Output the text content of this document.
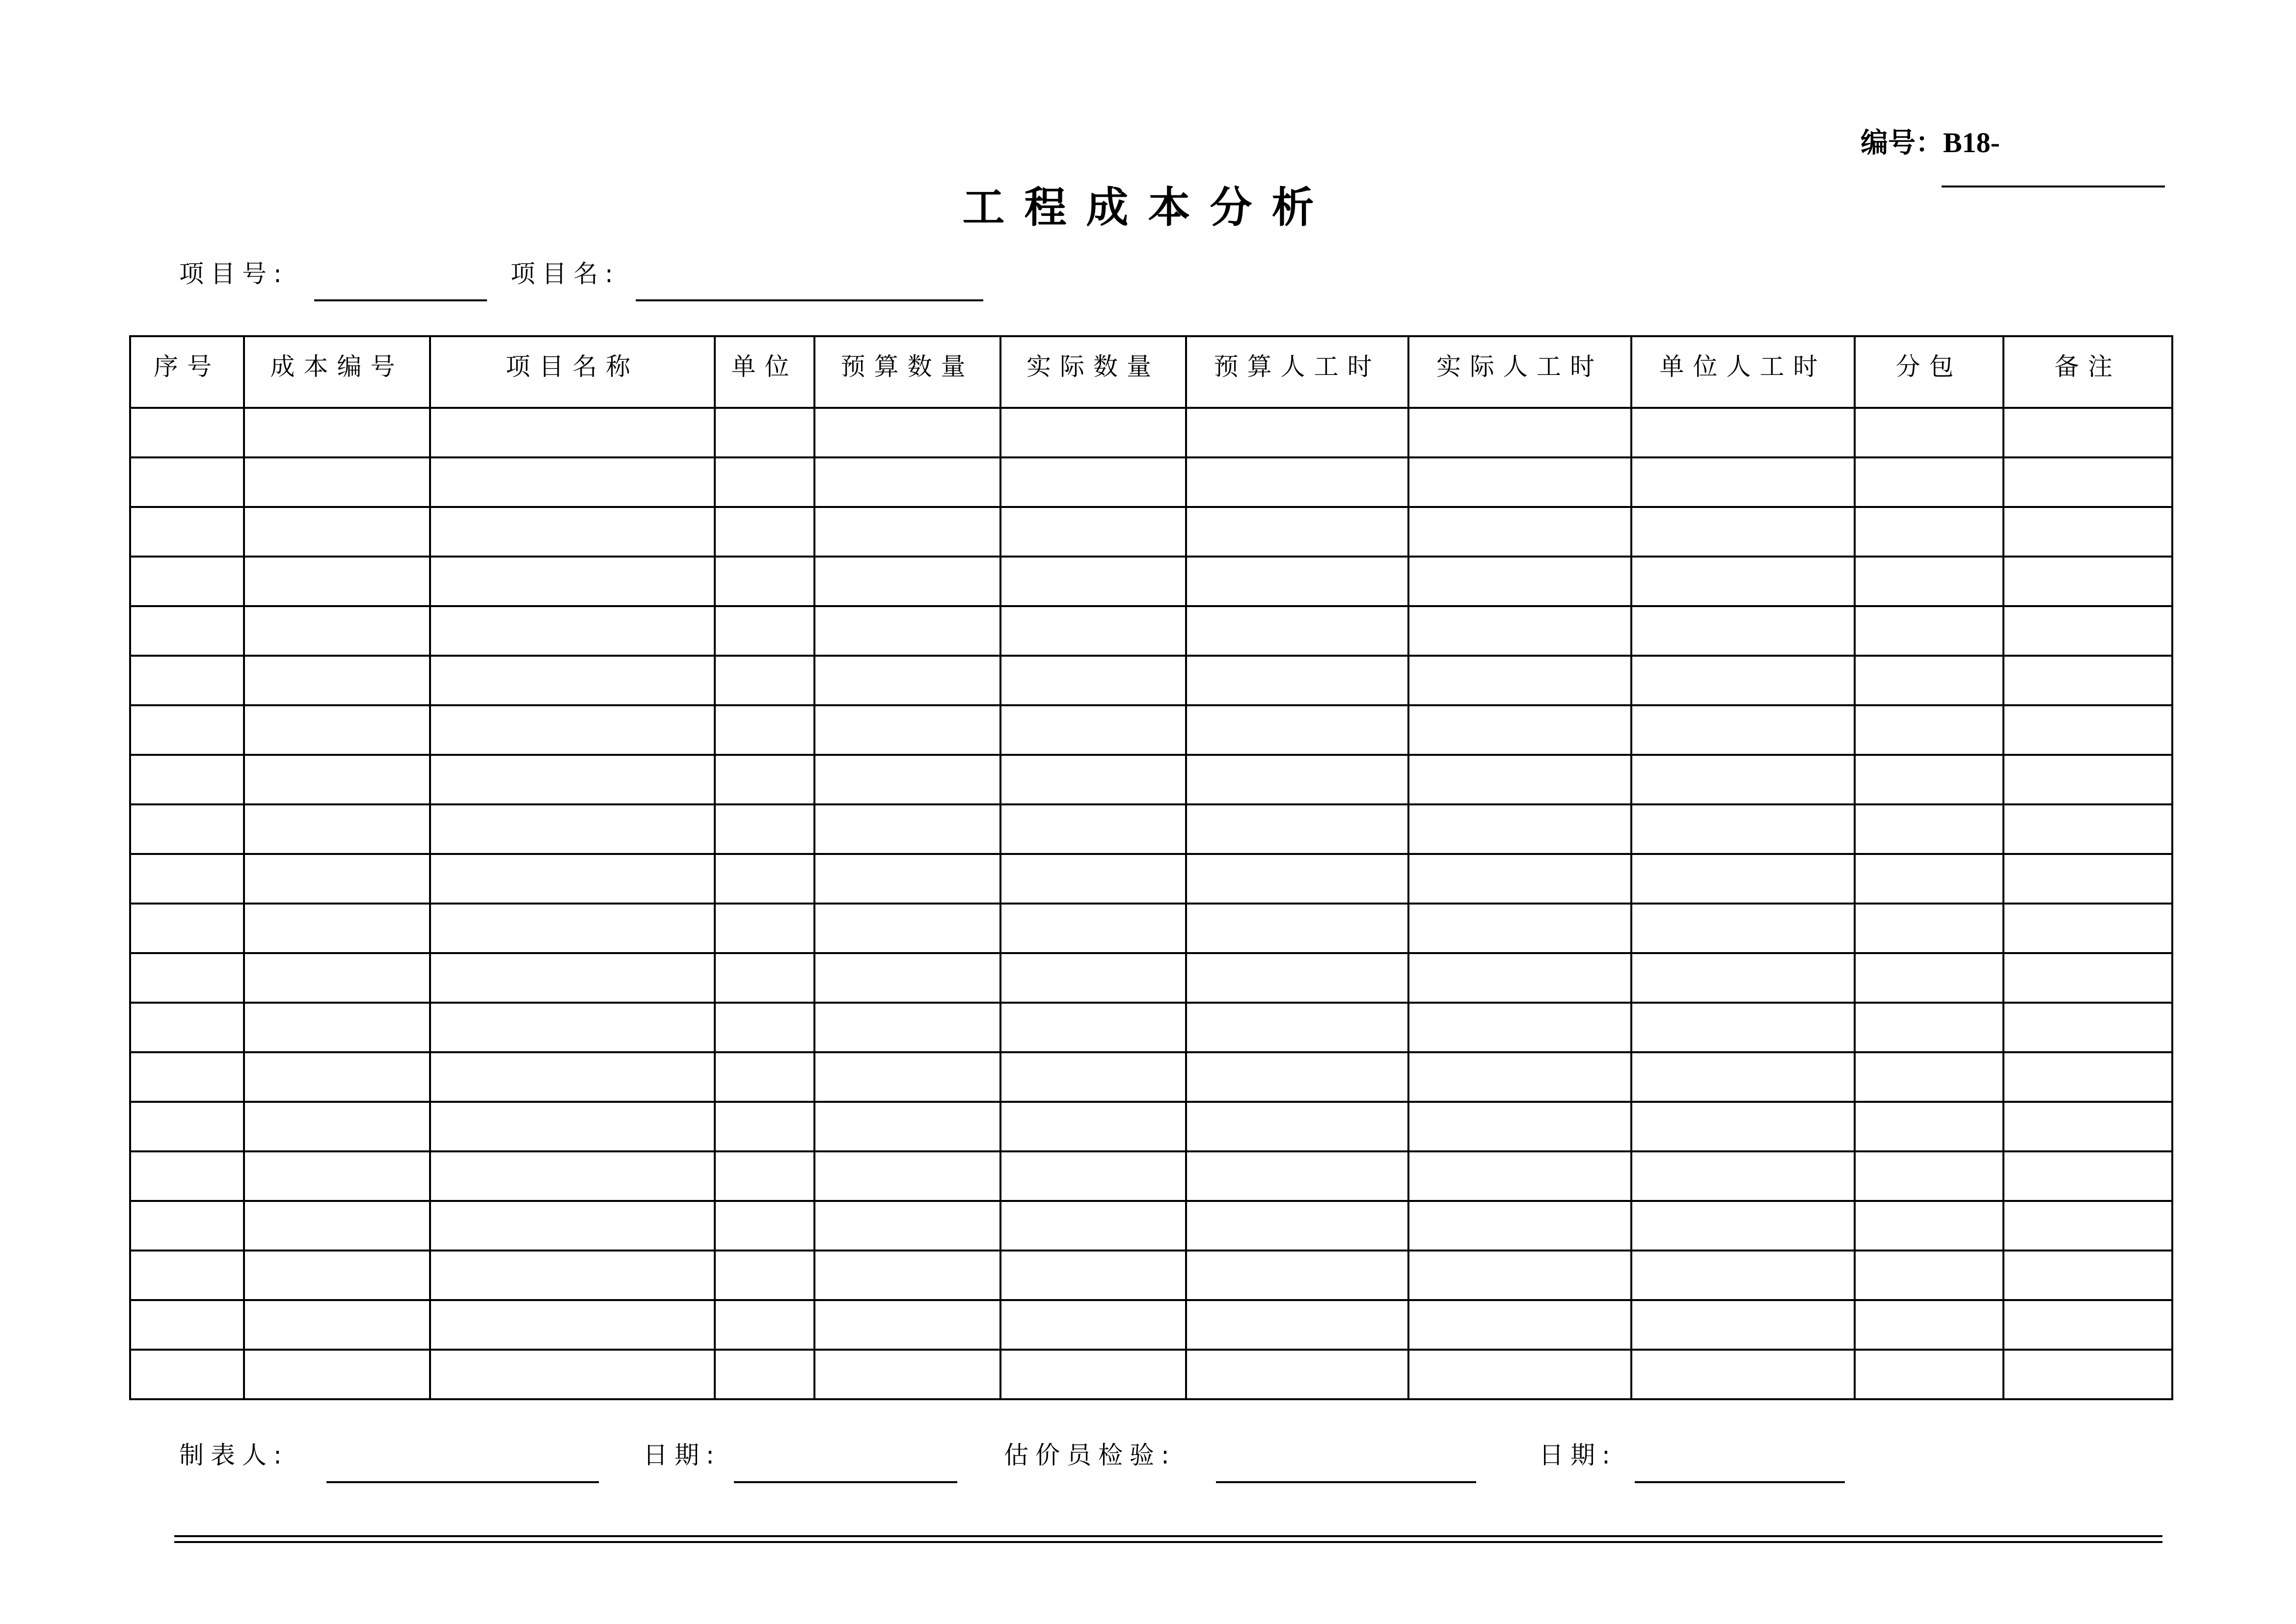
编号：B18-
工程成本分析
项目号:	项目名:
序号	成本编号	项目名称	单位	预算数量	实际数量	预算人工时	实际人工时	单位人工时	分包	备注

制表人:	日期:	估价员检验:	日期:
